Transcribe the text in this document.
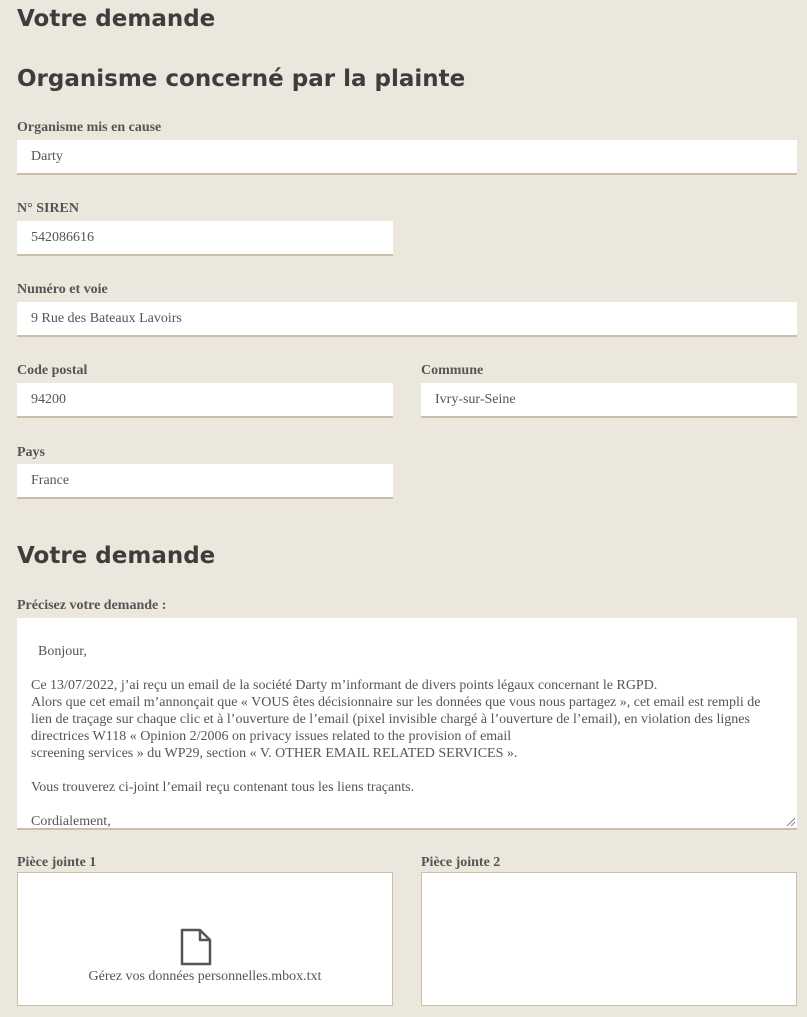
Votre demande
Organisme concerné par la plainte
Organisme mis en cause
Darty
N° SIREN
542086616
Numéro et voie
9 Rue des Bateaux Lavoirs
Code postal
94200	Commune
Ivry-sur-Seine
Pays
France
Votre demande
Précisez votre demande :

Bonjour,

Ce 13/07/2022, j’ai reçu un email de la société Darty m’informant de divers points légaux concernant le RGPD.
Alors que cet email m’annonçait que « VOUS êtes décisionnaire sur les données que vous nous partagez », cet email est rempli de lien de traçage sur chaque clic et à l’ouverture de l’email (pixel invisible chargé à l’ouverture de l’email), en violation des lignes directrices W118 « Opinion 2/2006 on privacy issues related to the provision of email
screening services » du WP29, section « V. OTHER EMAIL RELATED SERVICES ».

Vous trouverez ci-joint l’email reçu contenant tous les liens traçants.

Cordialement,

Pièce jointe 1
Gérez vos données personnelles.mbox.txt
Pièce jointe 2
